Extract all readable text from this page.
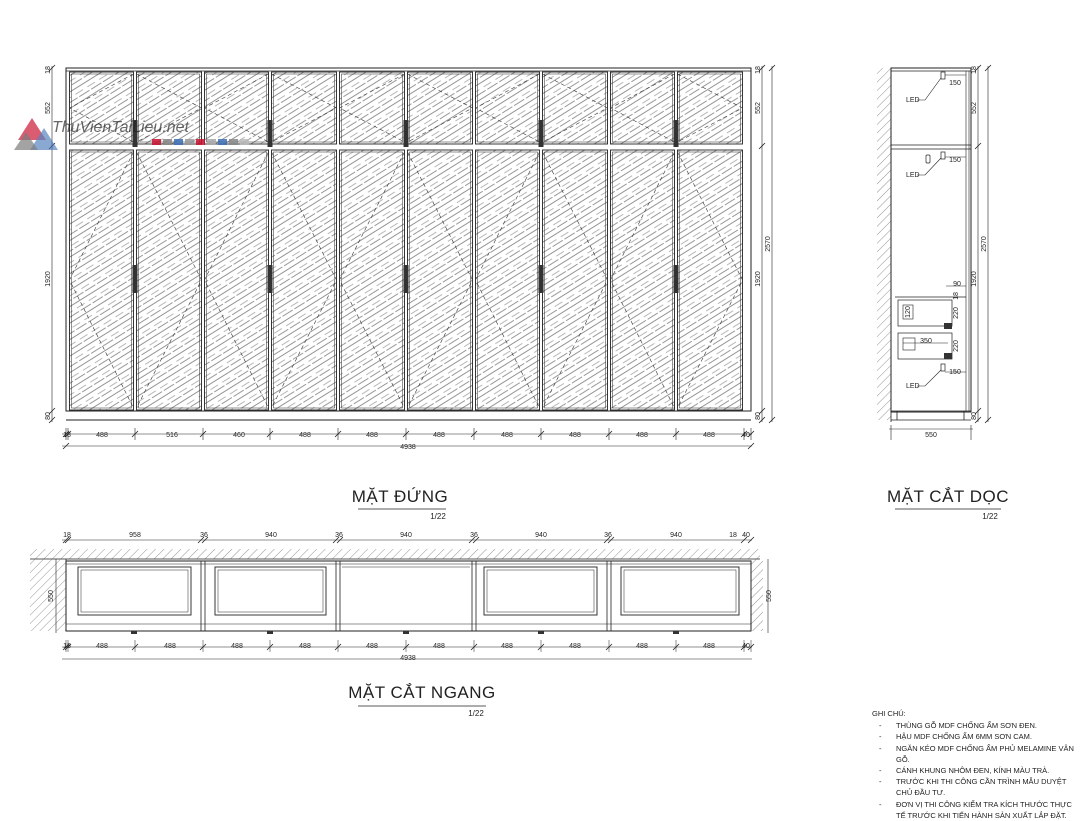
18	488	516	460	488	488	488	488	488	488	488	40
4938
18
552
1920
80
18
552
1920
80
2570
MẶT ĐỨNG
1/22
ThuVienTaiLieu.net
LED
150
LED
150
90
18
220
220
120
350
LED
150
18
552
1920
80
2570
550
MẶT CẮT DỌC
1/22
18	958	36	940	36	940	36	940	36	940	18 40
18	488	488	488	488	488	488	488	488	488	488	40
4938
550	550
MẶT CẮT NGANG
1/22	GHI CHÚ:
- THÙNG GỖ MDF CHỐNG ẨM SƠN ĐEN.
- HẬU MDF CHỐNG ẨM 6MM SƠN CAM.
- NGĂN KÉO MDF CHỐNG ẨM PHỦ MELAMINE VÂN GỖ.
- CÁNH KHUNG NHÔM ĐEN, KÍNH MÀU TRÀ.
- TRƯỚC KHI THI CÔNG CẦN TRÌNH MẪU DUYỆT CHỦ ĐẦU TƯ.
- ĐƠN VỊ THI CÔNG KIỂM TRA KÍCH THƯỚC THỰC TẾ TRƯỚC KHI TIẾN HÀNH SẢN XUẤT LẮP ĐẶT.
